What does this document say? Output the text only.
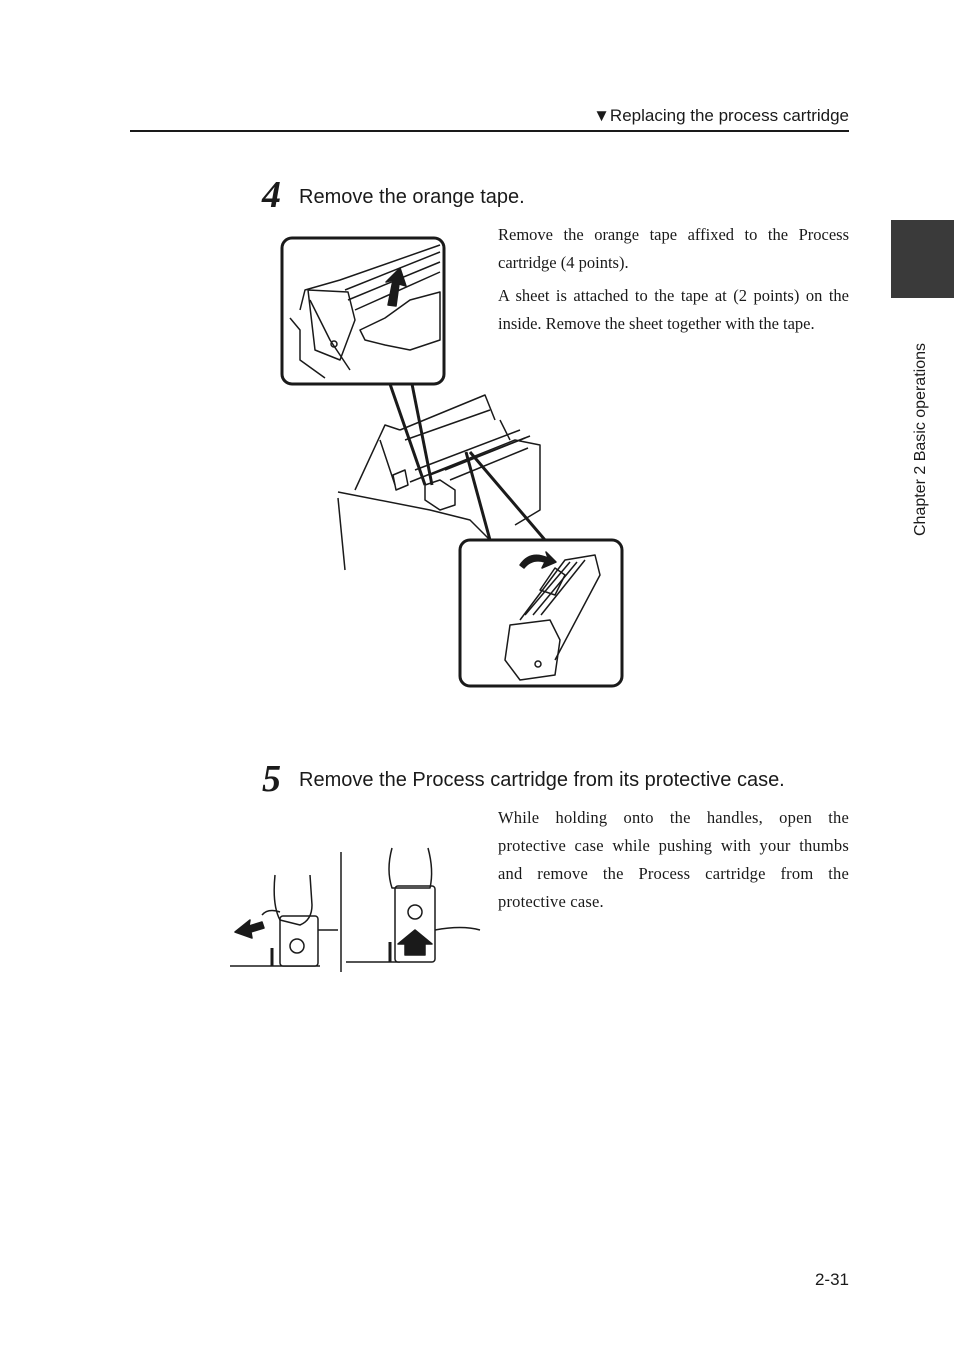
▼Replacing the process cartridge
Chapter 2 Basic operations
4 Remove the orange tape.

Remove the orange tape affixed to the Process cartridge (4 points).

A sheet is attached to the tape at (2 points) on the inside. Remove the sheet together with the tape.

5 Remove the Process cartridge from its protective case.

While holding onto the handles, open the protective case while pushing with your thumbs and remove the Process cartridge from the protective case.

2-31
